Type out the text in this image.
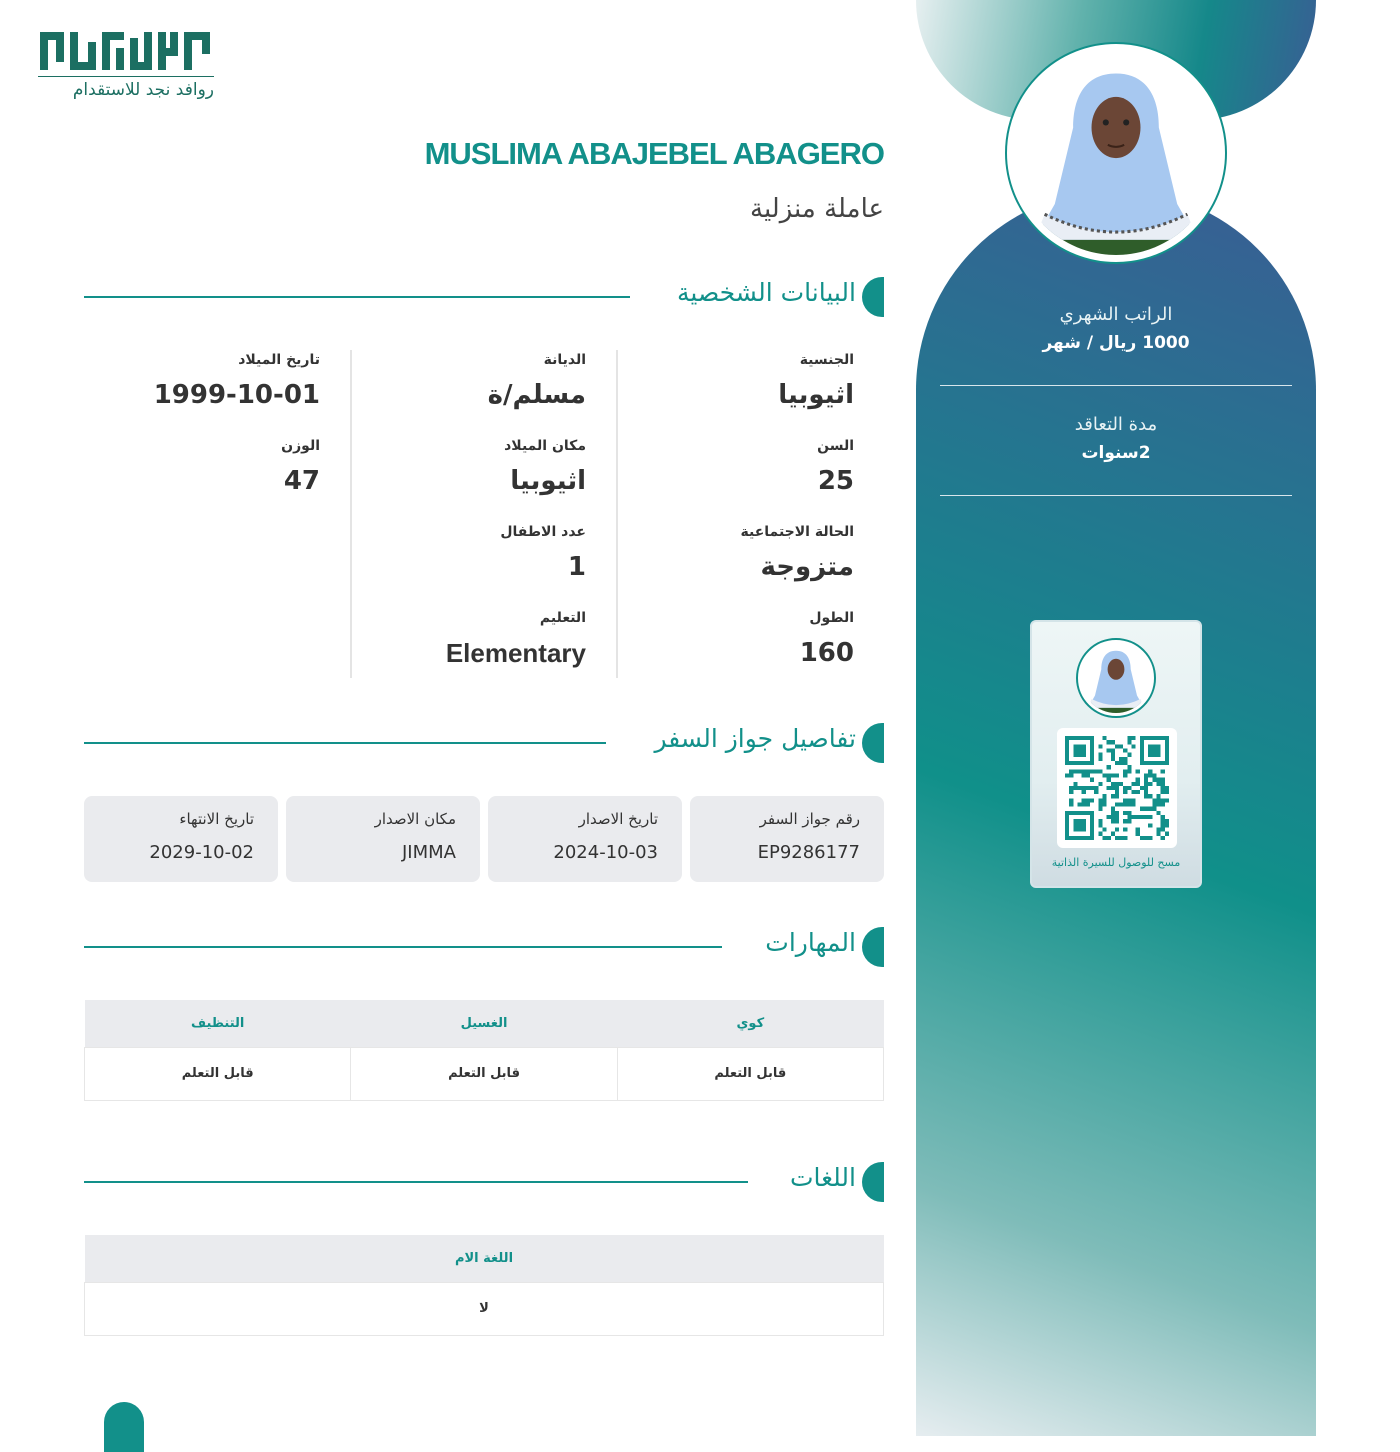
الراتب الشهري
1000 ريال / شهر
مدة التعاقد
2سنوات
مسح للوصول للسيرة الذاتية
روافد نجد للاستقدام
MUSLIMA ABAJEBEL ABAGERO
عاملة منزلية
البيانات الشخصية
الجنسية
اثيوبيا
السن
25
الحالة الاجتماعية
متزوجة
الطول
160
الديانة
مسلم/ة
مكان الميلاد
اثيوبيا
عدد الاطفال
1
التعليم
Elementary
تاريخ الميلاد
1999-10-01
الوزن
47
تفاصيل جواز السفر
رقم جواز السفر
EP9286177
تاريخ الاصدار
2024-10-03
مكان الاصدار
JIMMA
تاريخ الانتهاء
2029-10-02
المهارات
كوي	الغسيل	التنظيف
قابل التعلم	قابل التعلم	قابل التعلم
اللغات
اللغة الام
لا
